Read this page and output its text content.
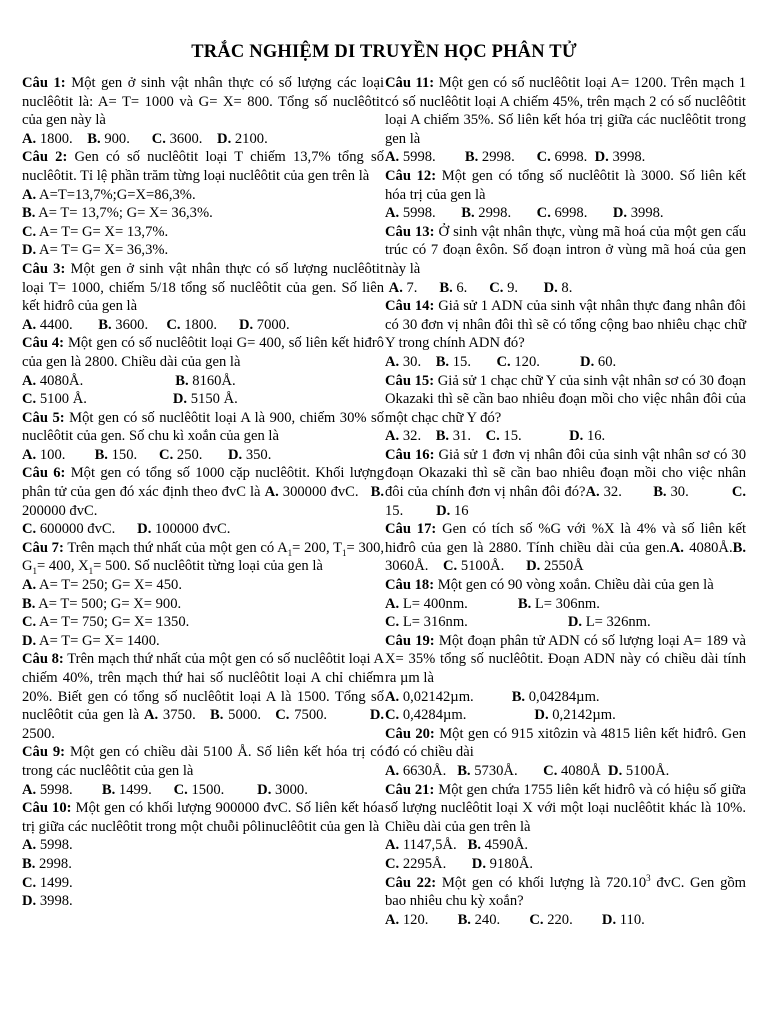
TRẮC NGHIỆM DI TRUYỀN HỌC PHÂN TỬ
Câu 1: Một gen ở sinh vật nhân thực có số lượng các loại nuclêôtit là: A= T= 1000 và G= X= 800. Tổng số nuclêôtit của gen này là
A. 1800. B. 900. C. 3600. D. 2100.
Câu 2: Gen có số nuclêôtit loại T chiếm 13,7% tổng số nuclêôtit. Tỉ lệ phần trăm từng loại nuclêôtit của gen trên là
A. A=T=13,7%;G=X=86,3%.
B. A= T= 13,7%; G= X= 36,3%.
C. A= T= G= X= 13,7%.
D. A= T= G= X= 36,3%.
Câu 3: Một gen ở sinh vật nhân thực có số lượng nuclêôtit loại T= 1000, chiếm 5/18 tổng số nuclêôtit của gen. Số liên kết hiđrô của gen là
A. 4400. B. 3600. C. 1800. D. 7000.
Câu 4: Một gen có số nuclêôtit loại G= 400, số liên kết hiđrô của gen là 2800. Chiều dài của gen là
A. 4080Å.	B. 8160Å.
C. 5100 Å.	D. 5150 Å.
Câu 5: Một gen có số nuclêôtit loại A là 900, chiếm 30% số nuclêôtit của gen. Số chu kì xoắn của gen là
A. 100. B. 150. C. 250. D. 350.
Câu 6: Một gen có tổng số 1000 cặp nuclêôtit. Khối lượng phân tử của gen đó xác định theo đvC là A. 300000 đvC. B. 200000 đvC.
C. 600000 đvC. D. 100000 đvC.
Câu 7: Trên mạch thứ nhất của một gen có $A_1= 200$, $T_1= 300$, $G_1= 400$, $X_1= 500$. Số nuclêôtit từng loại của gen là
A. A= T= 250; G= X= 450.
B. A= T= 500; G= X= 900.
C. A= T= 750; G= X= 1350.
D. A= T= G= X= 1400.
Câu 8: Trên mạch thứ nhất của một gen có số nuclêôtit loại A chiếm 40%, trên mạch thứ hai số nuclêôtit loại A chỉ chiếm 20%. Biết gen có tổng số nuclêôtit loại A là 1500. Tổng số nuclêôtit của gen là A. 3750. B. 5000. C. 7500.	D. 2500.
Câu 9: Một gen có chiều dài 5100 Å. Số liên kết hóa trị có trong các nuclêôtit của gen là
A. 5998. B. 1499. C. 1500. D. 3000.
Câu 10: Một gen có khối lượng 900000 đvC. Số liên kết hóa trị giữa các nuclêôtit trong một chuỗi pôlinuclêôtit của gen là
A. 5998.
B. 2998.
C. 1499.
D. 3998.
Câu 11: Một gen có số nuclêôtit loại A= 1200. Trên mạch 1 có số nuclêôtit loại A chiếm 45%, trên mạch 2 có số nuclêôtit loại A chiếm 35%. Số liên kết hóa trị giữa các nuclêôtit trong gen là
A. 5998. B. 2998. C. 6998. D. 3998.
Câu 12: Một gen có tổng số nuclêôtit là 3000. Số liên kết hóa trị của gen là
A. 5998. B. 2998. C. 6998. D. 3998.
Câu 13: Ở sinh vật nhân thực, vùng mã hoá của một gen cấu trúc có 7 đoạn êxôn. Số đoạn intron ở vùng mã hoá của gen này là
A. 7. B. 6. C. 9. D. 8.
Câu 14: Giả sử 1 ADN của sinh vật nhân thực đang nhân đôi có 30 đơn vị nhân đôi thì sẽ có tổng cộng bao nhiêu chạc chữ Y trong chính ADN đó?
A. 30. B. 15. C. 120.	D. 60.
Câu 15: Giả sử 1 chạc chữ Y của sinh vật nhân sơ có 30 đoạn Okazaki thì sẽ cần bao nhiêu đoạn mồi cho việc nhân đôi của một chạc chữ Y đó?
A. 32. B. 31. C. 15.	D. 16.
Câu 16: Giả sử 1 đơn vị nhân đôi của sinh vật nhân sơ có 30 đoạn Okazaki thì sẽ cần bao nhiêu đoạn mồi cho việc nhân đôi của chính đơn vị nhân đôi đó?A. 32. B. 30.	C. 15. D. 16
Câu 17: Gen có tích số %G với %X là 4% và số liên kết hiđrô của gen là 2880. Tính chiều dài của gen.A. 4080Å.B. 3060Å. C. 5100Å. D. 2550Å
Câu 18: Một gen có 90 vòng xoắn. Chiều dài của gen là
A. L= 400nm.	B. L= 306nm.
C. L= 316nm.	D. L= 326nm.
Câu 19: Một đoạn phân tử ADN có số lượng loại A= 189 và X= 35% tổng số nuclêôtit. Đoạn ADN này có chiều dài tính ra µm là
A. 0,02142µm.	B. 0,04284µm.
C. 0,4284µm.	D. 0,2142µm.
Câu 20: Một gen có 915 xitôzin và 4815 liên kết hiđrô. Gen đó có chiều dài
A. 6630Å. B. 5730Å. C. 4080Å D. 5100Å.
Câu 21: Một gen chứa 1755 liên kết hiđrô và có hiệu số giữa số lượng nuclêôtit loại X với một loại nuclêôtit khác là 10%. Chiều dài của gen trên là
A. 1147,5Å. B. 4590Å.
C. 2295Å. D. 9180Å.
Câu 22: Một gen có khối lượng là 720.10$^3$ đvC. Gen gồm bao nhiêu chu kỳ xoắn?
A. 120. B. 240. C. 220. D. 110.
